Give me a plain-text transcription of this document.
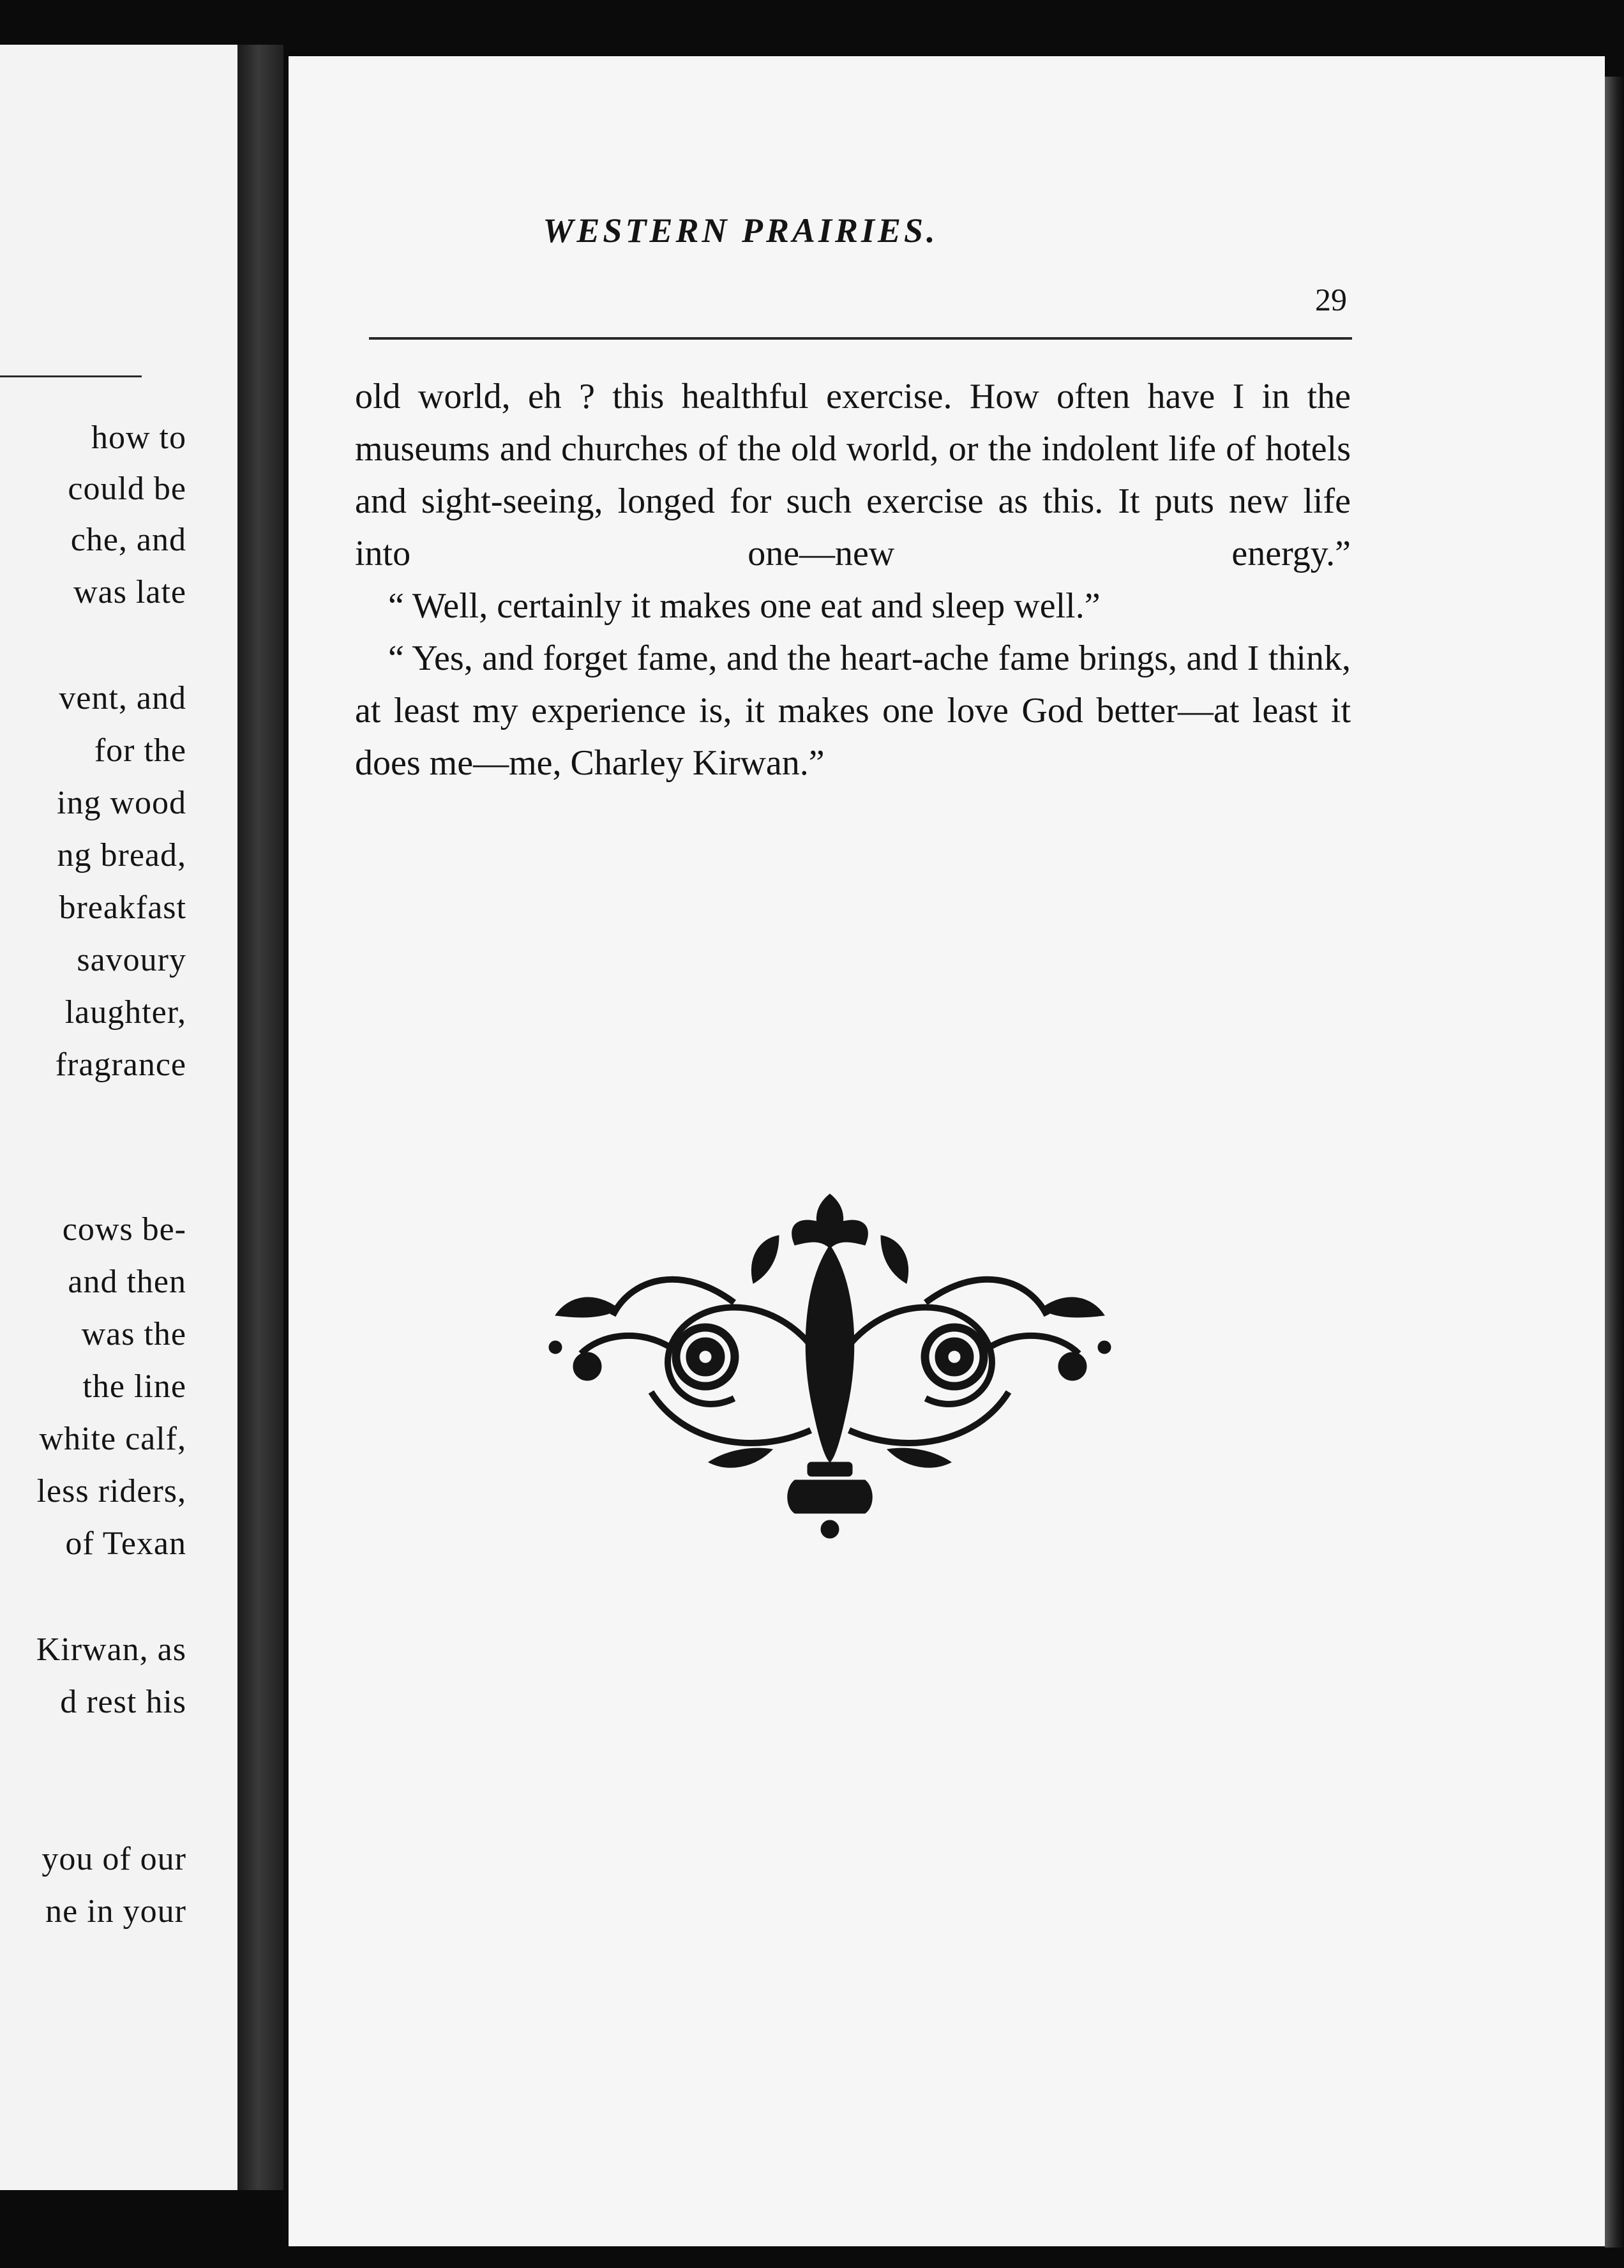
how to
could be
che, and
was late
vent, and
for the
ing wood
ng bread,
breakfast
savoury
laughter,
fragrance
cows be-
and then
was the
the line
white calf,
less riders,
of Texan
Kirwan, as
d rest his
you of our
ne in your
WESTERN PRAIRIES.
29

old world, eh ? this healthful exercise. How often have I in the museums and churches of the old world, or the indolent life of hotels and sight-seeing, longed for such exercise as this. It puts new life into one—new energy.”

“ Well, certainly it makes one eat and sleep well.”

“ Yes, and forget fame, and the heart-ache fame brings, and I think, at least my experience is, it makes one love God better—at least it does me—me, Charley Kirwan.”
